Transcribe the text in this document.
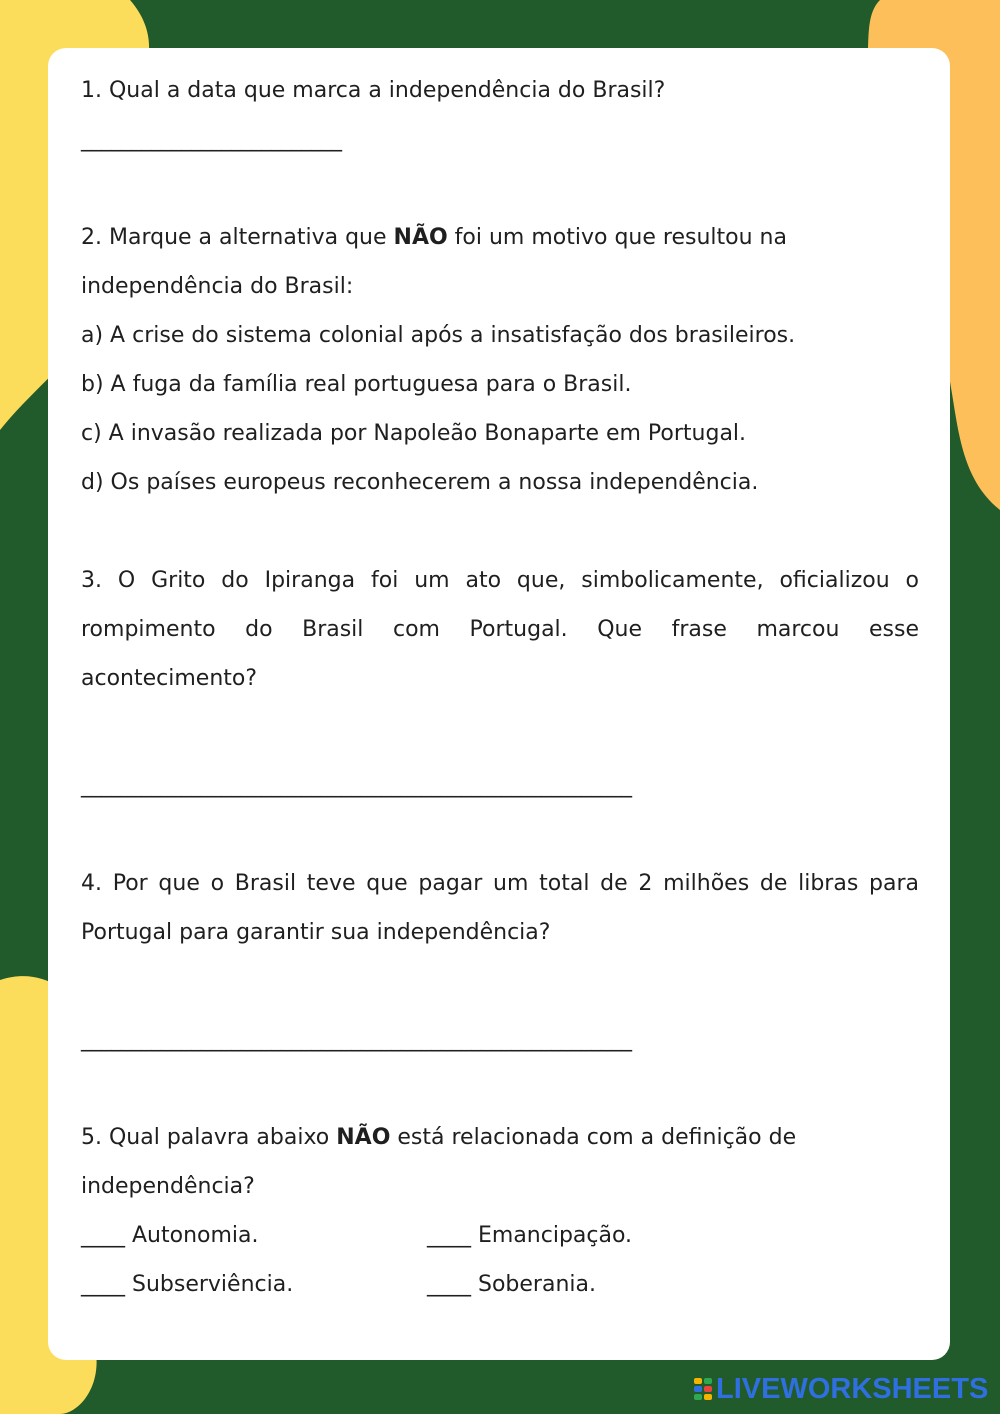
1. Qual a data que marca a independência do Brasil?

__________________________

2. Marque a alternativa que NÃO foi um motivo que resultou na independência do Brasil:

a) A crise do sistema colonial após a insatisfação dos brasileiros.

b) A fuga da família real portuguesa para o Brasil.

c) A invasão realizada por Napoleão Bonaparte em Portugal.

d) Os países europeus reconhecerem a nossa independência.

3. O Grito do Ipiranga foi um ato que, simbolicamente, oficializou o rompimento do Brasil com Portugal. Que frase marcou esse acontecimento?

_______________________________________________________

4. Por que o Brasil teve que pagar um total de 2 milhões de libras para Portugal para garantir sua independência?

_______________________________________________________

5. Qual palavra abaixo NÃO está relacionada com a definição de independência?

____ Autonomia.	____ Emancipação.

____ Subserviência.	____ Soberania.

LIVEWORKSHEETS
